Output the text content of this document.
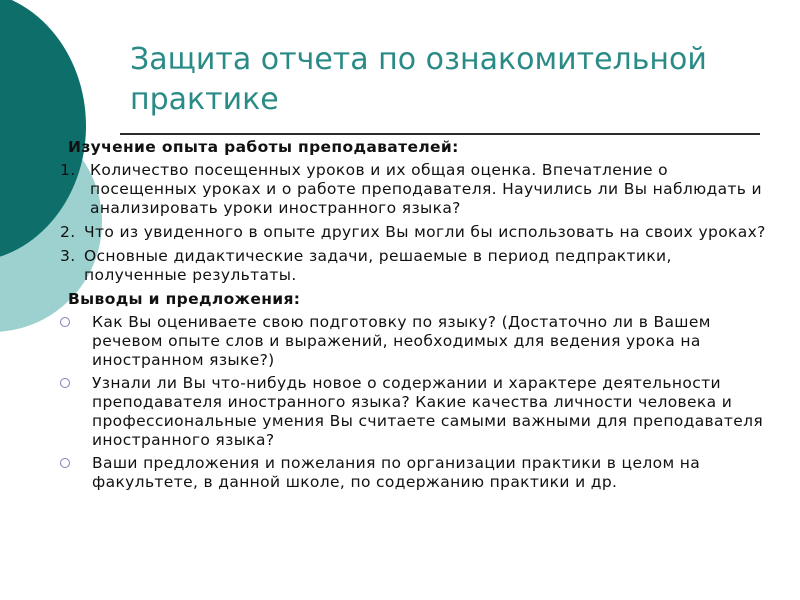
Защита отчета по ознакомительной практике
Изучение опыта работы преподавателей:
1. Количество посещенных уроков и их общая оценка. Впечатление о посещенных уроках и о работе преподавателя. Научились ли Вы наблюдать и анализировать уроки иностранного языка?
2. Что из увиденного в опыте других Вы могли бы использовать на своих уроках?
3. Основные дидактические задачи, решаемые в период педпрактики, полученные результаты.
Выводы и предложения:
Как Вы оцениваете свою подготовку по языку? (Достаточно ли в Вашем речевом опыте слов и выражений, необходимых для ведения урока на иностранном языке?)
Узнали ли Вы что-нибудь новое о содержании и характере деятельности преподавателя иностранного языка? Какие качества личности человека и профессиональные умения Вы считаете самыми важными для преподавателя иностранного языка?
Ваши предложения и пожелания по организации практики в целом на факультете, в данной школе, по содержанию практики и др.
